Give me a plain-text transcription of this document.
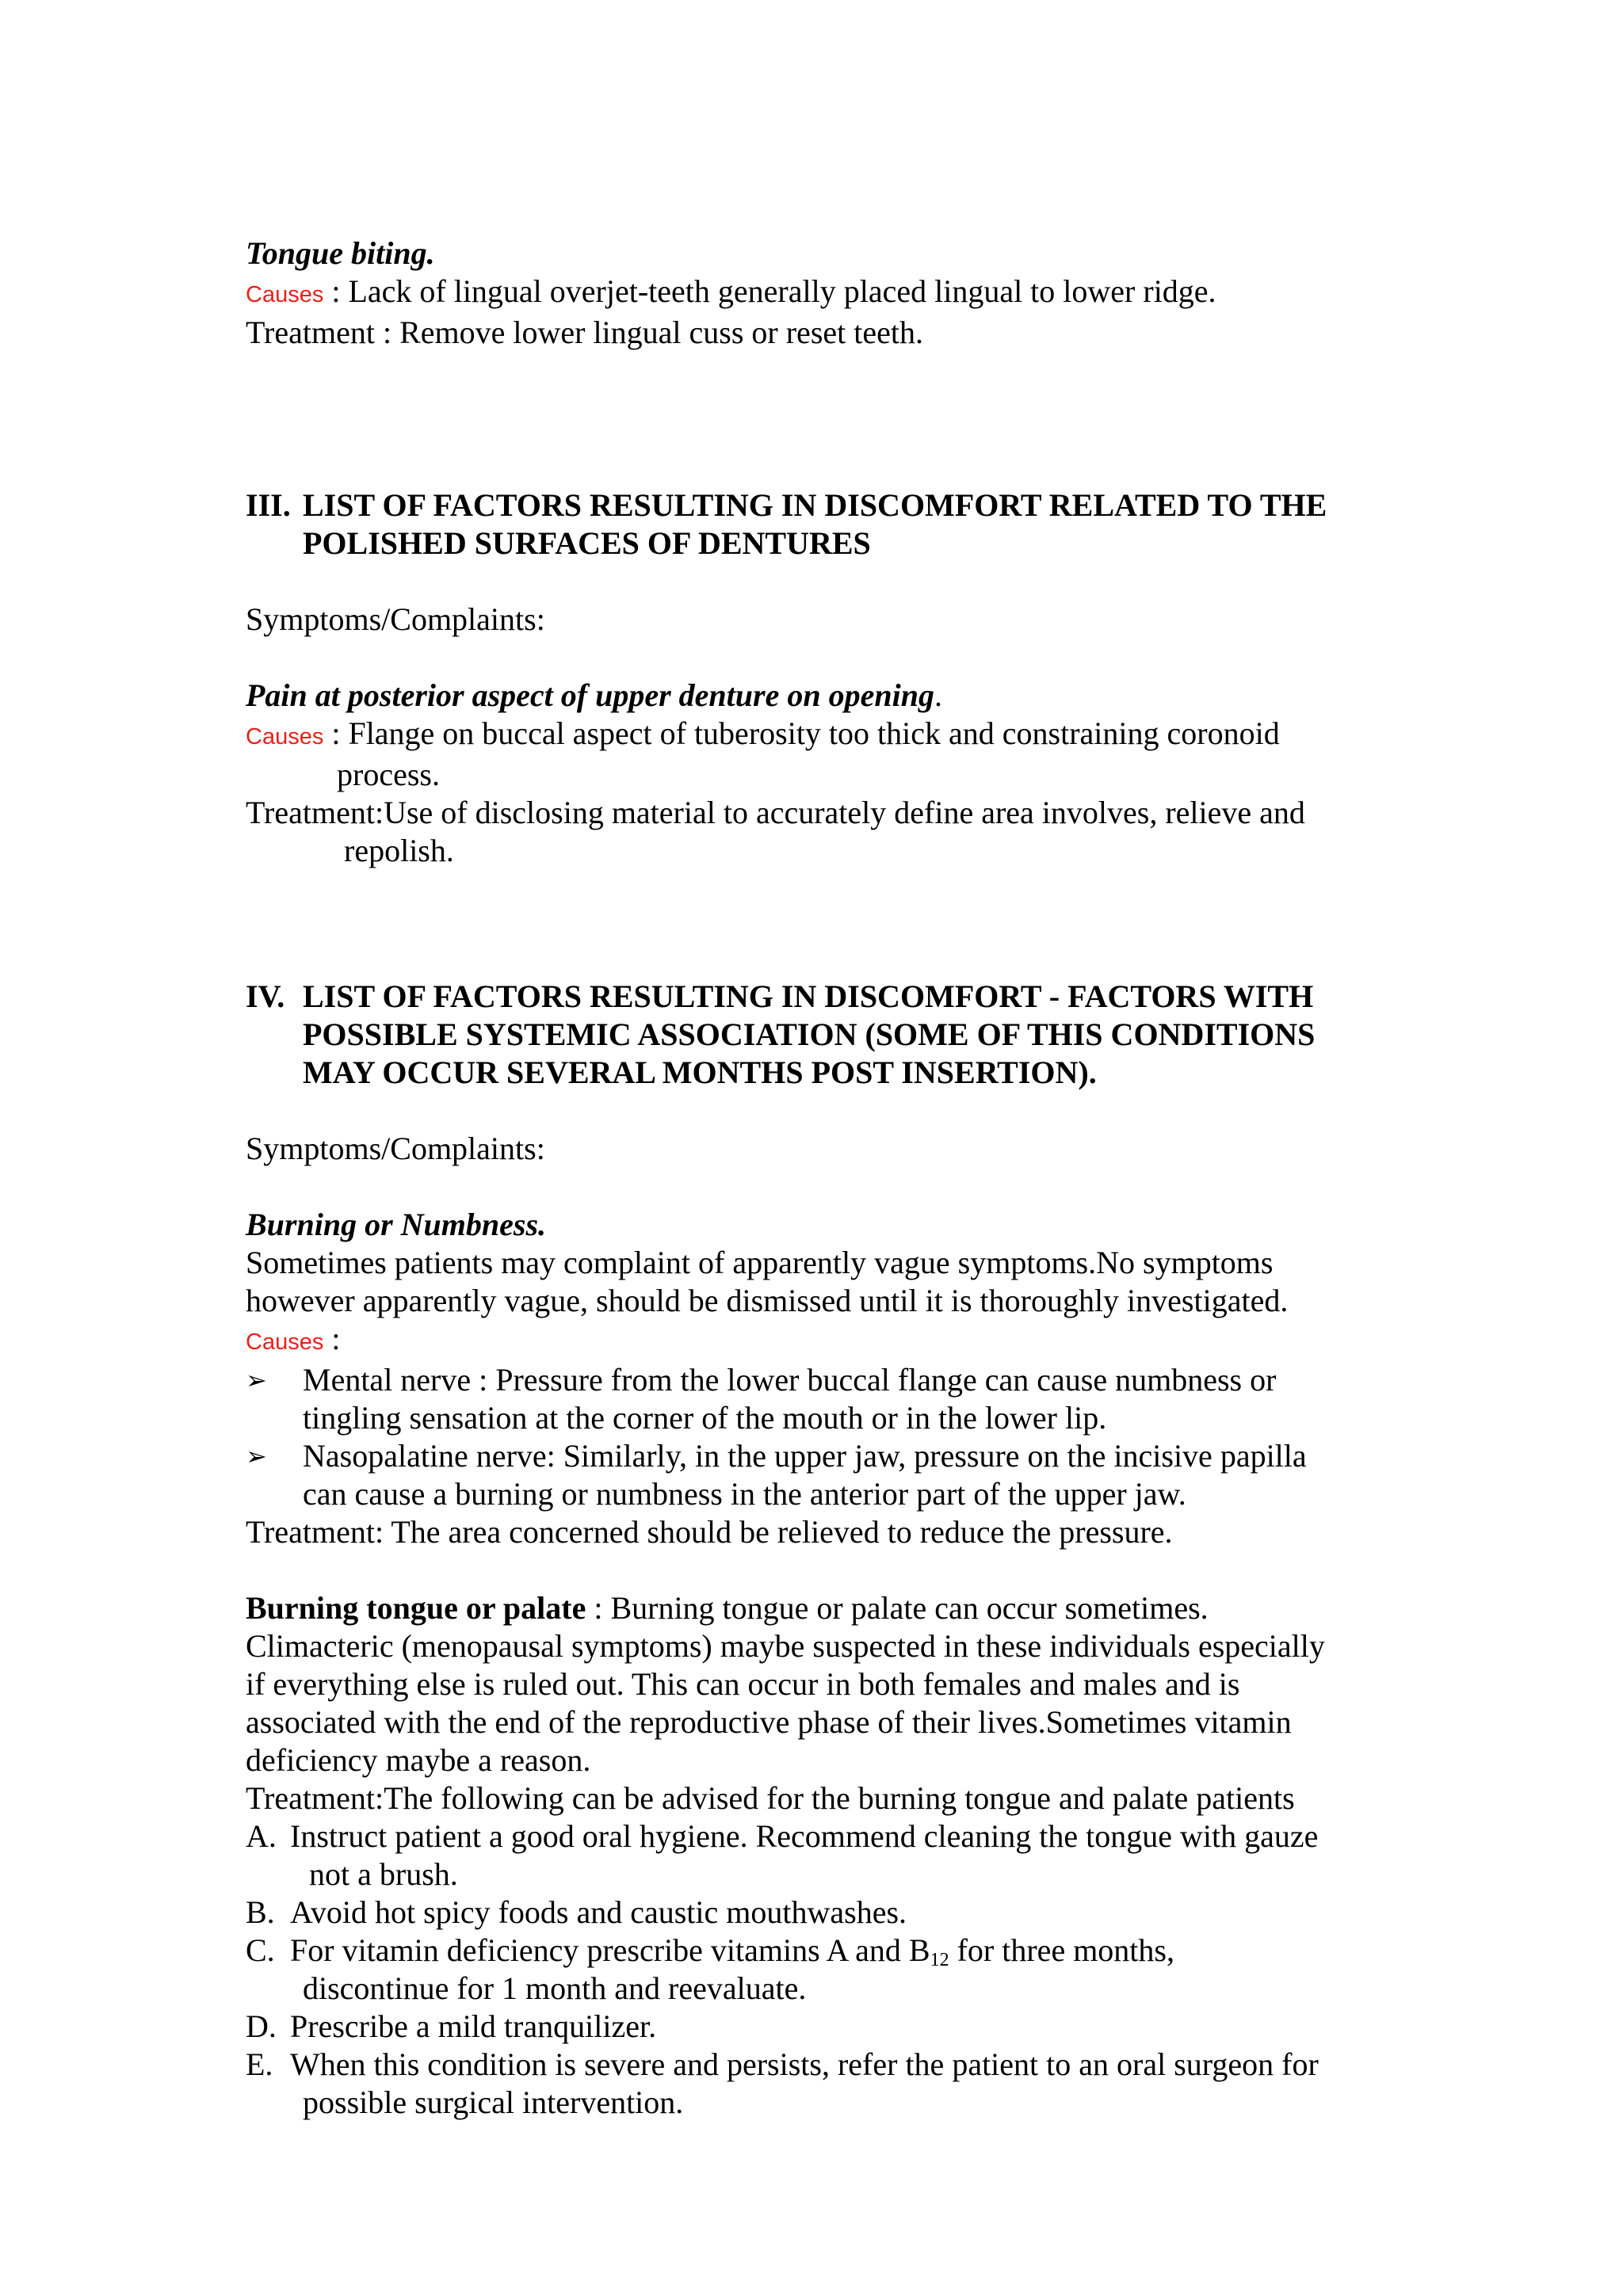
Tongue biting.
Causes : Lack of lingual overjet-teeth generally placed lingual to lower ridge.
Treatment : Remove lower lingual cuss or reset teeth.
III. LIST OF FACTORS RESULTING IN DISCOMFORT RELATED TO THE
POLISHED SURFACES OF DENTURES
Symptoms/Complaints:
Pain at posterior aspect of upper denture on opening.
Causes : Flange on buccal aspect of tuberosity too thick and constraining coronoid
process.
Treatment:Use of disclosing material to accurately define area involves, relieve and
repolish.
IV. LIST OF FACTORS RESULTING IN DISCOMFORT - FACTORS WITH
POSSIBLE SYSTEMIC ASSOCIATION (SOME OF THIS CONDITIONS
MAY OCCUR SEVERAL MONTHS POST INSERTION).
Symptoms/Complaints:
Burning or Numbness.
Sometimes patients may complaint of apparently vague symptoms.No symptoms
however apparently vague, should be dismissed until it is thoroughly investigated.
Causes :
➢ Mental nerve : Pressure from the lower buccal flange can cause numbness or
tingling sensation at the corner of the mouth or in the lower lip.
➢ Nasopalatine nerve: Similarly, in the upper jaw, pressure on the incisive papilla
can cause a burning or numbness in the anterior part of the upper jaw.
Treatment: The area concerned should be relieved to reduce the pressure.
Burning tongue or palate : Burning tongue or palate can occur sometimes.
Climacteric (menopausal symptoms) maybe suspected in these individuals especially
if everything else is ruled out. This can occur in both females and males and is
associated with the end of the reproductive phase of their lives.Sometimes vitamin
deficiency maybe a reason.
Treatment:The following can be advised for the burning tongue and palate patients
A. Instruct patient a good oral hygiene. Recommend cleaning the tongue with gauze
not a brush.
B. Avoid hot spicy foods and caustic mouthwashes.
C. For vitamin deficiency prescribe vitamins A and $B_{12}$ for three months,
discontinue for 1 month and reevaluate.
D. Prescribe a mild tranquilizer.
E. When this condition is severe and persists, refer the patient to an oral surgeon for
possible surgical intervention.
